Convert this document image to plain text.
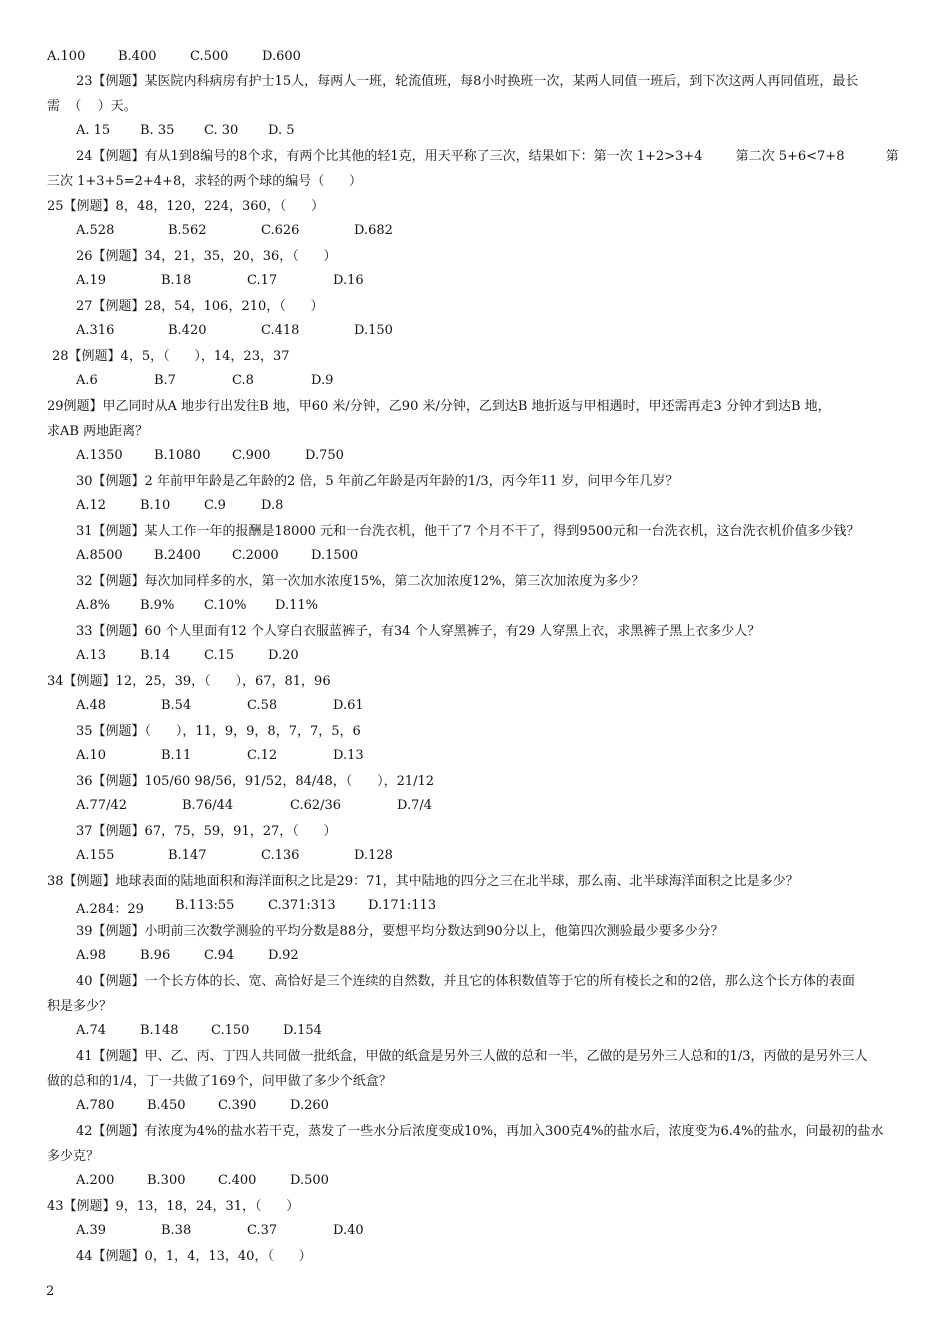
A.100	B.400	C.500	D.600
23【例题】某医院内科病房有护士15人，每两人一班，轮流值班，每8小时换班一次，某两人同值一班后，到下次这两人再同值班，最长
需  （    ）天。
A. 15 B. 35 C. 30 D. 5
24【例题】有从1到8编号的8个求，有两个比其他的轻1克，用天平称了三次，结果如下：第一次 1+2>3+4        第二次 5+6<7+8          第
三次 1+3+5=2+4+8，求轻的两个球的编号（      ）
25【例题】8，48，120，224，360，（      ）
A.528	B.562	C.626	D.682
26【例题】34，21，35，20，36，（      ）
A.19	B.18	C.17	D.16
27【例题】28，54，106，210，（      ）
A.316	B.420	C.418	D.150
28【例题】4，5，（      ），14，23，37
A.6	B.7	C.8	D.9
29例题】甲乙同时从A 地步行出发往B 地，甲60 米/分钟，乙90 米/分钟，乙到达B 地折返与甲相遇时，甲还需再走3 分钟才到达B 地，
求AB 两地距离？
A.1350 B.1080 C.900	D.750
30【例题】2 年前甲年龄是乙年龄的2 倍，5 年前乙年龄是丙年龄的1/3，丙今年11 岁，问甲今年几岁？
A.12	B.10	C.9	D.8
31【例题】某人工作一年的报酬是18000 元和一台洗衣机，他干了7 个月不干了，得到9500元和一台洗衣机，这台洗衣机价值多少钱？
A.8500 B.2400 C.2000 D.1500
32【例题】每次加同样多的水，第一次加水浓度15%，第二次加浓度12%，第三次加浓度为多少？
A.8% B.9% C.10% D.11%
33【例题】60 个人里面有12 个人穿白衣服蓝裤子，有34 个人穿黑裤子，有29 人穿黑上衣，求黑裤子黑上衣多少人？
A.13	B.14	C.15	D.20
34【例题】12，25，39，（      ），67，81，96
A.48	B.54	C.58	D.61
35【例题】（      ），11，9，9，8，7，7，5，6
A.10	B.11	C.12	D.13
36【例题】105/60 98/56，91/52，84/48，（      ），21/12
A.77/42	B.76/44	C.62/36	D.7/4
37【例题】67，75，59，91，27，（      ）
A.155	B.147	C.136	D.128
38【例题】地球表面的陆地面积和海洋面积之比是29：71，其中陆地的四分之三在北半球，那么南、北半球海洋面积之比是多少？
A.284：29 B.113:55	C.371:313 D.171:113
39【例题】小明前三次数学测验的平均分数是88分，要想平均分数达到90分以上，他第四次测验最少要多少分？
A.98	B.96	C.94	D.92
40【例题】一个长方体的长、宽、高恰好是三个连续的自然数，并且它的体积数值等于它的所有棱长之和的2倍，那么这个长方体的表面
积是多少？
A.74	B.148	C.150	D.154
41【例题】甲、乙、丙、丁四人共同做一批纸盒，甲做的纸盒是另外三人做的总和一半，乙做的是另外三人总和的1/3，丙做的是另外三人
做的总和的1/4，丁一共做了169个，问甲做了多少个纸盒？
A.780	B.450	C.390	D.260
42【例题】有浓度为4%的盐水若干克，蒸发了一些水分后浓度变成10%，再加入300克4%的盐水后，浓度变为6.4%的盐水，问最初的盐水
多少克？
A.200	B.300	C.400	D.500
43【例题】9，13，18，24，31，（      ）
A.39	B.38	C.37	D.40
44【例题】0，1，4，13，40，（      ）
2
